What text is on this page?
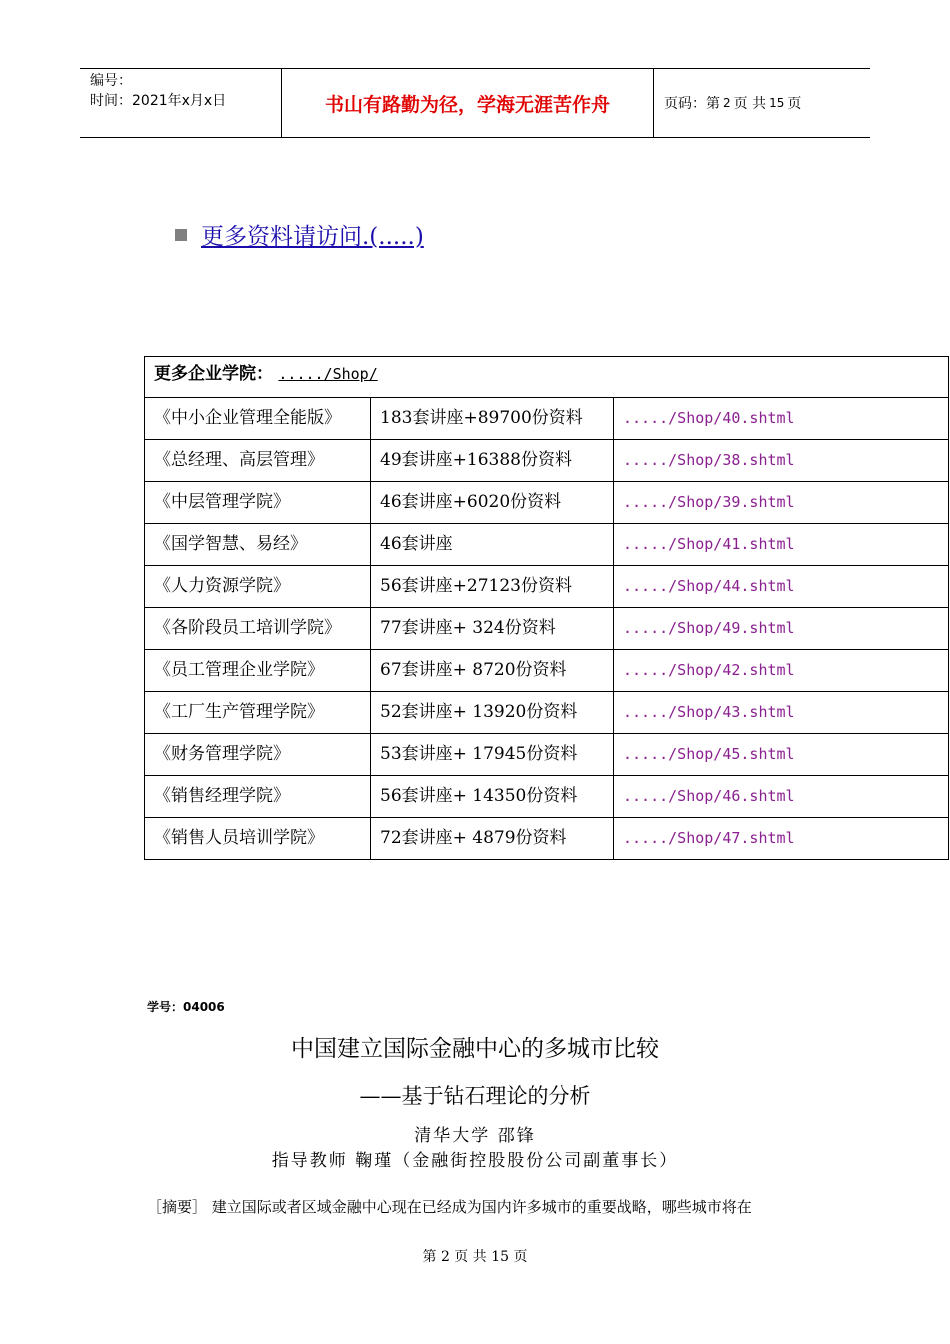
编号：
时间：2021年x月x日	书山有路勤为径，学海无涯苦作舟	页码：第 2 页 共 15 页
更多资料请访问.(.....)
更多企业学院： ...../Shop/		
《中小企业管理全能版》	183套讲座+89700份资料	...../Shop/40.shtml
《总经理、高层管理》	49套讲座+16388份资料	...../Shop/38.shtml
《中层管理学院》	46套讲座+6020份资料	...../Shop/39.shtml
《国学智慧、易经》	46套讲座	...../Shop/41.shtml
《人力资源学院》	56套讲座+27123份资料	...../Shop/44.shtml
《各阶段员工培训学院》	77套讲座+ 324份资料	...../Shop/49.shtml
《员工管理企业学院》	67套讲座+ 8720份资料	...../Shop/42.shtml
《工厂生产管理学院》	52套讲座+ 13920份资料	...../Shop/43.shtml
《财务管理学院》	53套讲座+ 17945份资料	...../Shop/45.shtml
《销售经理学院》	56套讲座+ 14350份资料	...../Shop/46.shtml
《销售人员培训学院》	72套讲座+ 4879份资料	...../Shop/47.shtml
学号：04006
中国建立国际金融中心的多城市比较
——基于钻石理论的分析
清华大学 邵锋
指导教师 鞠瑾（金融街控股股份公司副董事长）
［摘要］ 建立国际或者区域金融中心现在已经成为国内许多城市的重要战略，哪些城市将在
第 2 页 共 15 页
